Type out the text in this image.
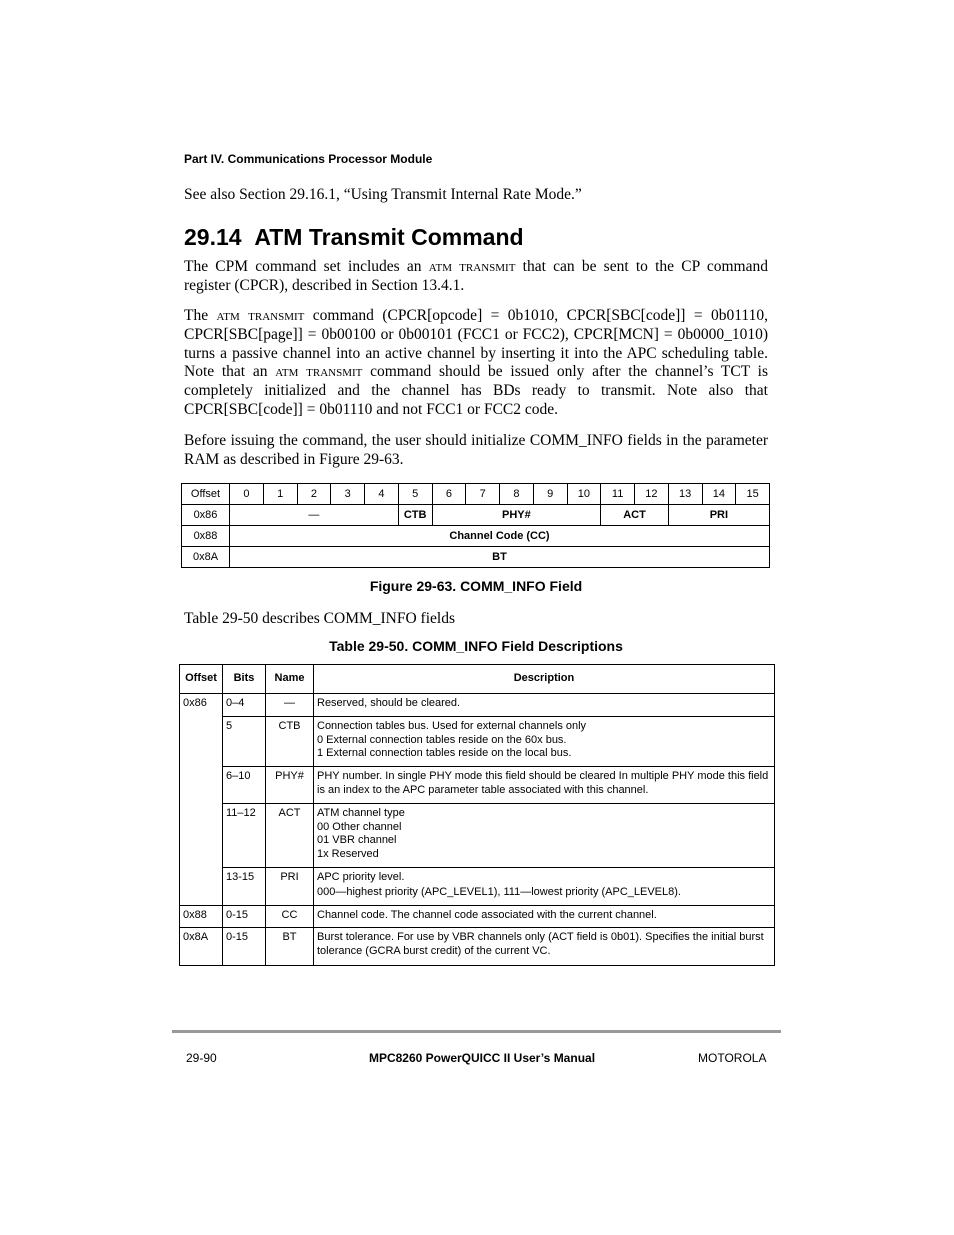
Part IV. Communications Processor Module
See also Section 29.16.1, “Using Transmit Internal Rate Mode.”
29.14 ATM Transmit Command
The CPM command set includes an atm transmit that can be sent to the CP command register (CPCR), described in Section 13.4.1.
The atm transmit command (CPCR[opcode] = 0b1010, CPCR[SBC[code]] = 0b01110, CPCR[SBC[page]] = 0b00100 or 0b00101 (FCC1 or FCC2), CPCR[MCN] = 0b0000_1010) turns a passive channel into an active channel by inserting it into the APC scheduling table. Note that an atm transmit command should be issued only after the channel’s TCT is completely initialized and the channel has BDs ready to transmit. Note also that CPCR[SBC[code]] = 0b01110 and not FCC1 or FCC2 code.
Before issuing the command, the user should initialize COMM_INFO fields in the parameter RAM as described in Figure 29-63.
Offset	0	1	2	3	4	5	6	7	8	9	10	11	12	13	14	15
0x86	—					CTB	PHY#					ACT		PRI		
0x88	Channel Code (CC)															
0x8A	BT															
Figure 29-63. COMM_INFO Field
Table 29-50 describes COMM_INFO fields
Table 29-50. COMM_INFO Field Descriptions
Offset	Bits	Name	Description
0x86	0–4	—	Reserved, should be cleared.

	5	CTB	Connection tables bus. Used for external channels only
0 External connection tables reside on the 60x bus.
1 External connection tables reside on the local bus.

	6–10	PHY#	PHY number. In single PHY mode this field should be cleared In multiple PHY mode this field is an index to the APC parameter table associated with this channel.

	11–12	ACT	ATM channel type
00 Other channel
01 VBR channel
1x Reserved

	13-15	PRI	APC priority level.
000—highest priority (APC_LEVEL1), 111—lowest priority (APC_LEVEL8).

0x88	0-15	CC	Channel code. The channel code associated with the current channel.

0x8A	0-15	BT	Burst tolerance. For use by VBR channels only (ACT field is 0b01). Specifies the initial burst tolerance (GCRA burst credit) of the current VC.
29-90	MPC8260 PowerQUICC II User’s Manual	MOTOROLA
